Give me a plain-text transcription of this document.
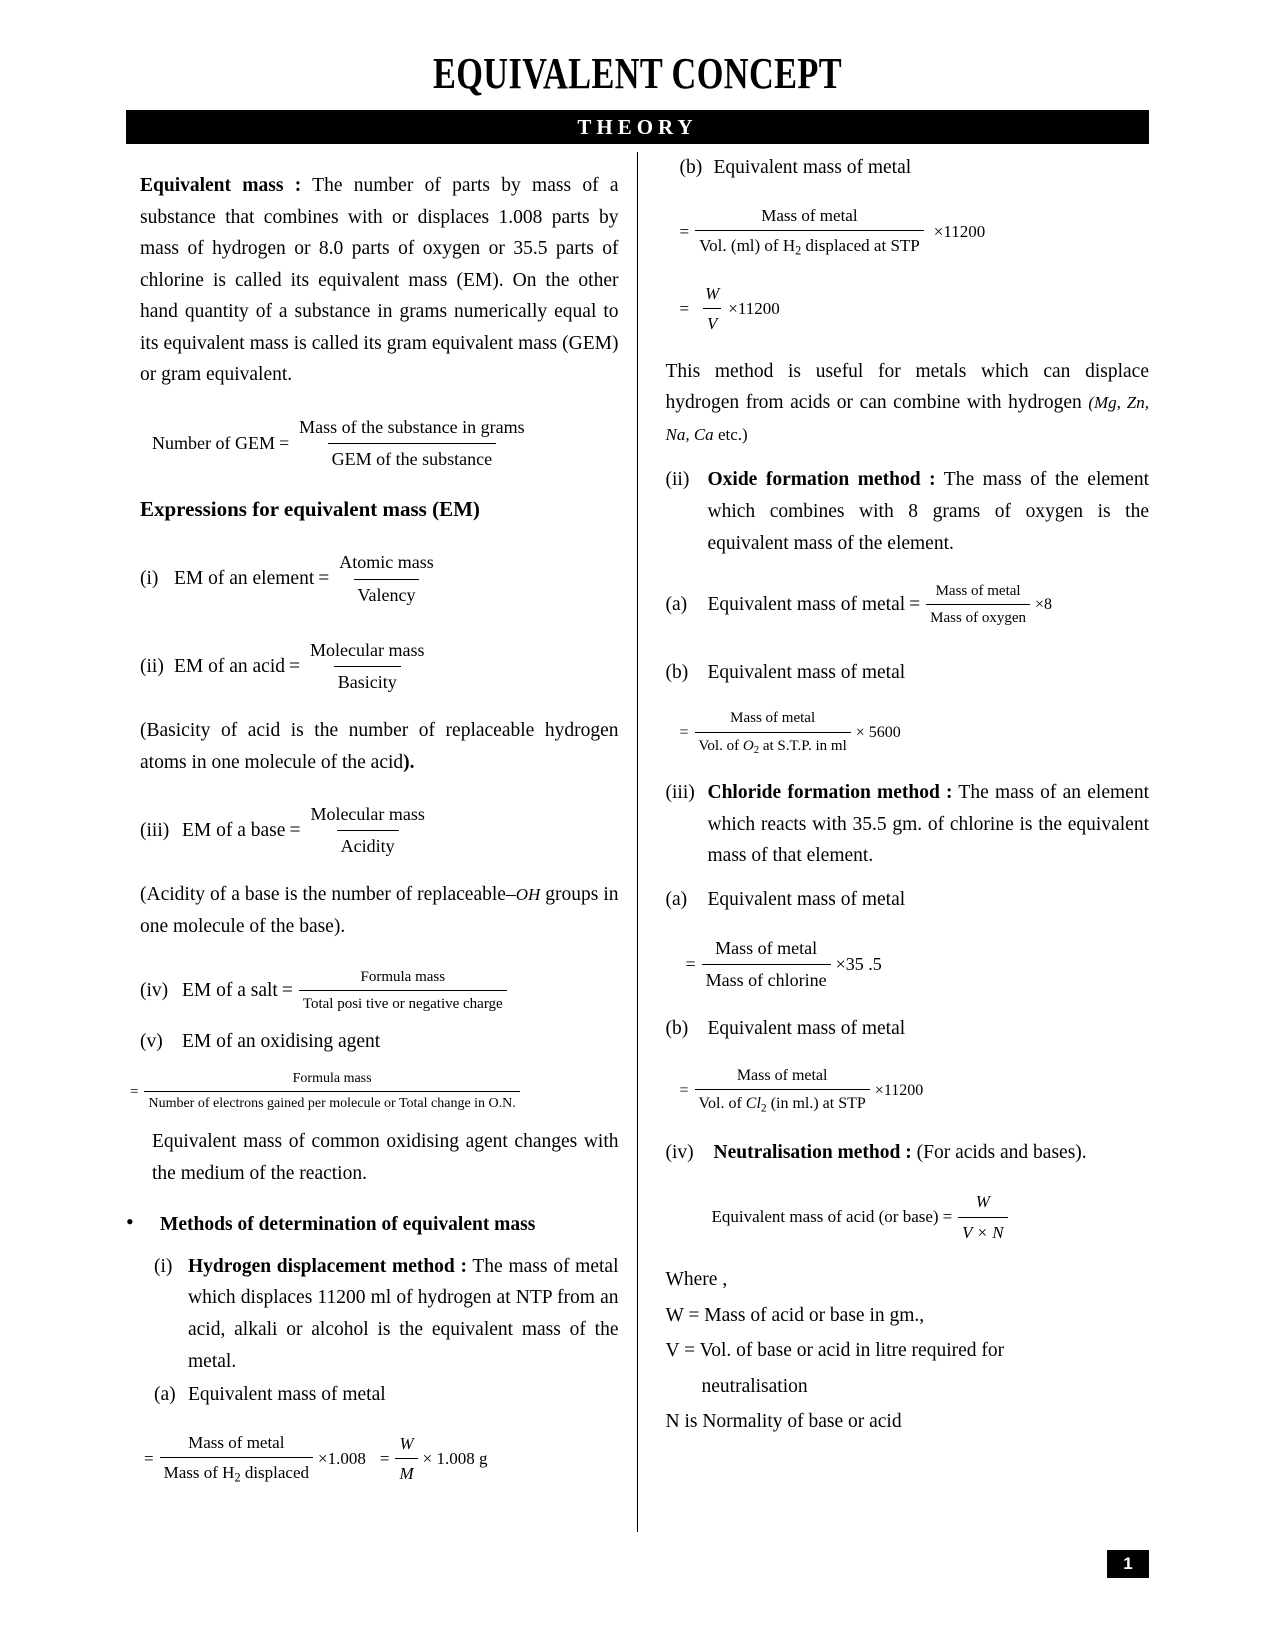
EQUIVALENT CONCEPT
THEORY

Equivalent mass : The number of parts by mass of a substance that combines with or displaces 1.008 parts by mass of hydrogen or 8.0 parts of oxygen or 35.5 parts of chlorine is called its equivalent mass (EM). On the other hand quantity of a substance in grams numerically equal to its equivalent mass is called its gram equivalent mass (GEM) or gram equivalent.

Number of GEM = $\frac{\text{Mass of the substance in grams}}{\text{GEM of the substance}}$

Expressions for equivalent mass (EM)

(i) EM of an element = $\frac{\text{Atomic mass}}{\text{Valency}}$
(ii) EM of an acid = $\frac{\text{Molecular mass}}{\text{Basicity}}$

(Basicity of acid is the number of replaceable hydrogen atoms in one molecule of the acid).

(iii) EM of a base = $\frac{\text{Molecular mass}}{\text{Acidity}}$

(Acidity of a base is the number of replaceable–OH groups in one molecule of the base).

(iv) EM of a salt = $\frac{\text{Formula mass}}{\text{Total posi tive or negative charge}}$
(v) EM of an oxidising agent
=
Formula mass
Number of electrons gained per molecule or Total change in O.N.

Equivalent mass of common oxidising agent changes with the medium of the reaction.

•	Methods of determination of equivalent mass
(i) Hydrogen displacement method : The mass of metal which displaces 11200 ml of hydrogen at NTP from an acid, alkali or alcohol is the equivalent mass of the metal.
(a) Equivalent mass of metal
= $\frac{\text{Mass of metal}}{Mass of H_2 displaced} \times 1.008 = \frac{W}{M} \times 1.008$ g
(b) Equivalent mass of metal
= $\frac{\text{Mass of metal}}{Vol. (ml) of H_2 displaced at STP} \times 11200$
= $\frac{W}{V} \times 11200$

This method is useful for metals which can displace hydrogen from acids or can combine with hydrogen (Mg, Zn, Na, Ca etc.)

(ii) Oxide formation method : The mass of the element which combines with 8 grams of oxygen is the equivalent mass of the element.
(a)	Equivalent mass of metal = $\frac{\text{Mass of metal}}{\text{Mass of oxygen}} \times 8$
(b) Equivalent mass of metal
= $\frac{\text{Mass of metal}}{Vol. of O_2 at S.T.P. in ml} \times 5600$
(iii) Chloride formation method : The mass of an element which reacts with 35.5 gm. of chlorine is the equivalent mass of that element.
(a)	Equivalent mass of metal
= $\frac{\text{Mass of metal}}{\text{Mass of chlorine}} \times 35$ .5
(b) Equivalent mass of metal
= $\frac{\text{Mass of metal}}{Vol. of Cl_2 (in ml.) at STP} \times 11200$
(iv)	Neutralisation method : (For acids and bases).
Equivalent mass of acid (or base) = $\frac{W}{V \times N}$

Where ,

W = Mass of acid or base in gm.,

V = Vol. of base or acid in litre required for

neutralisation

N is Normality of base or acid

1
